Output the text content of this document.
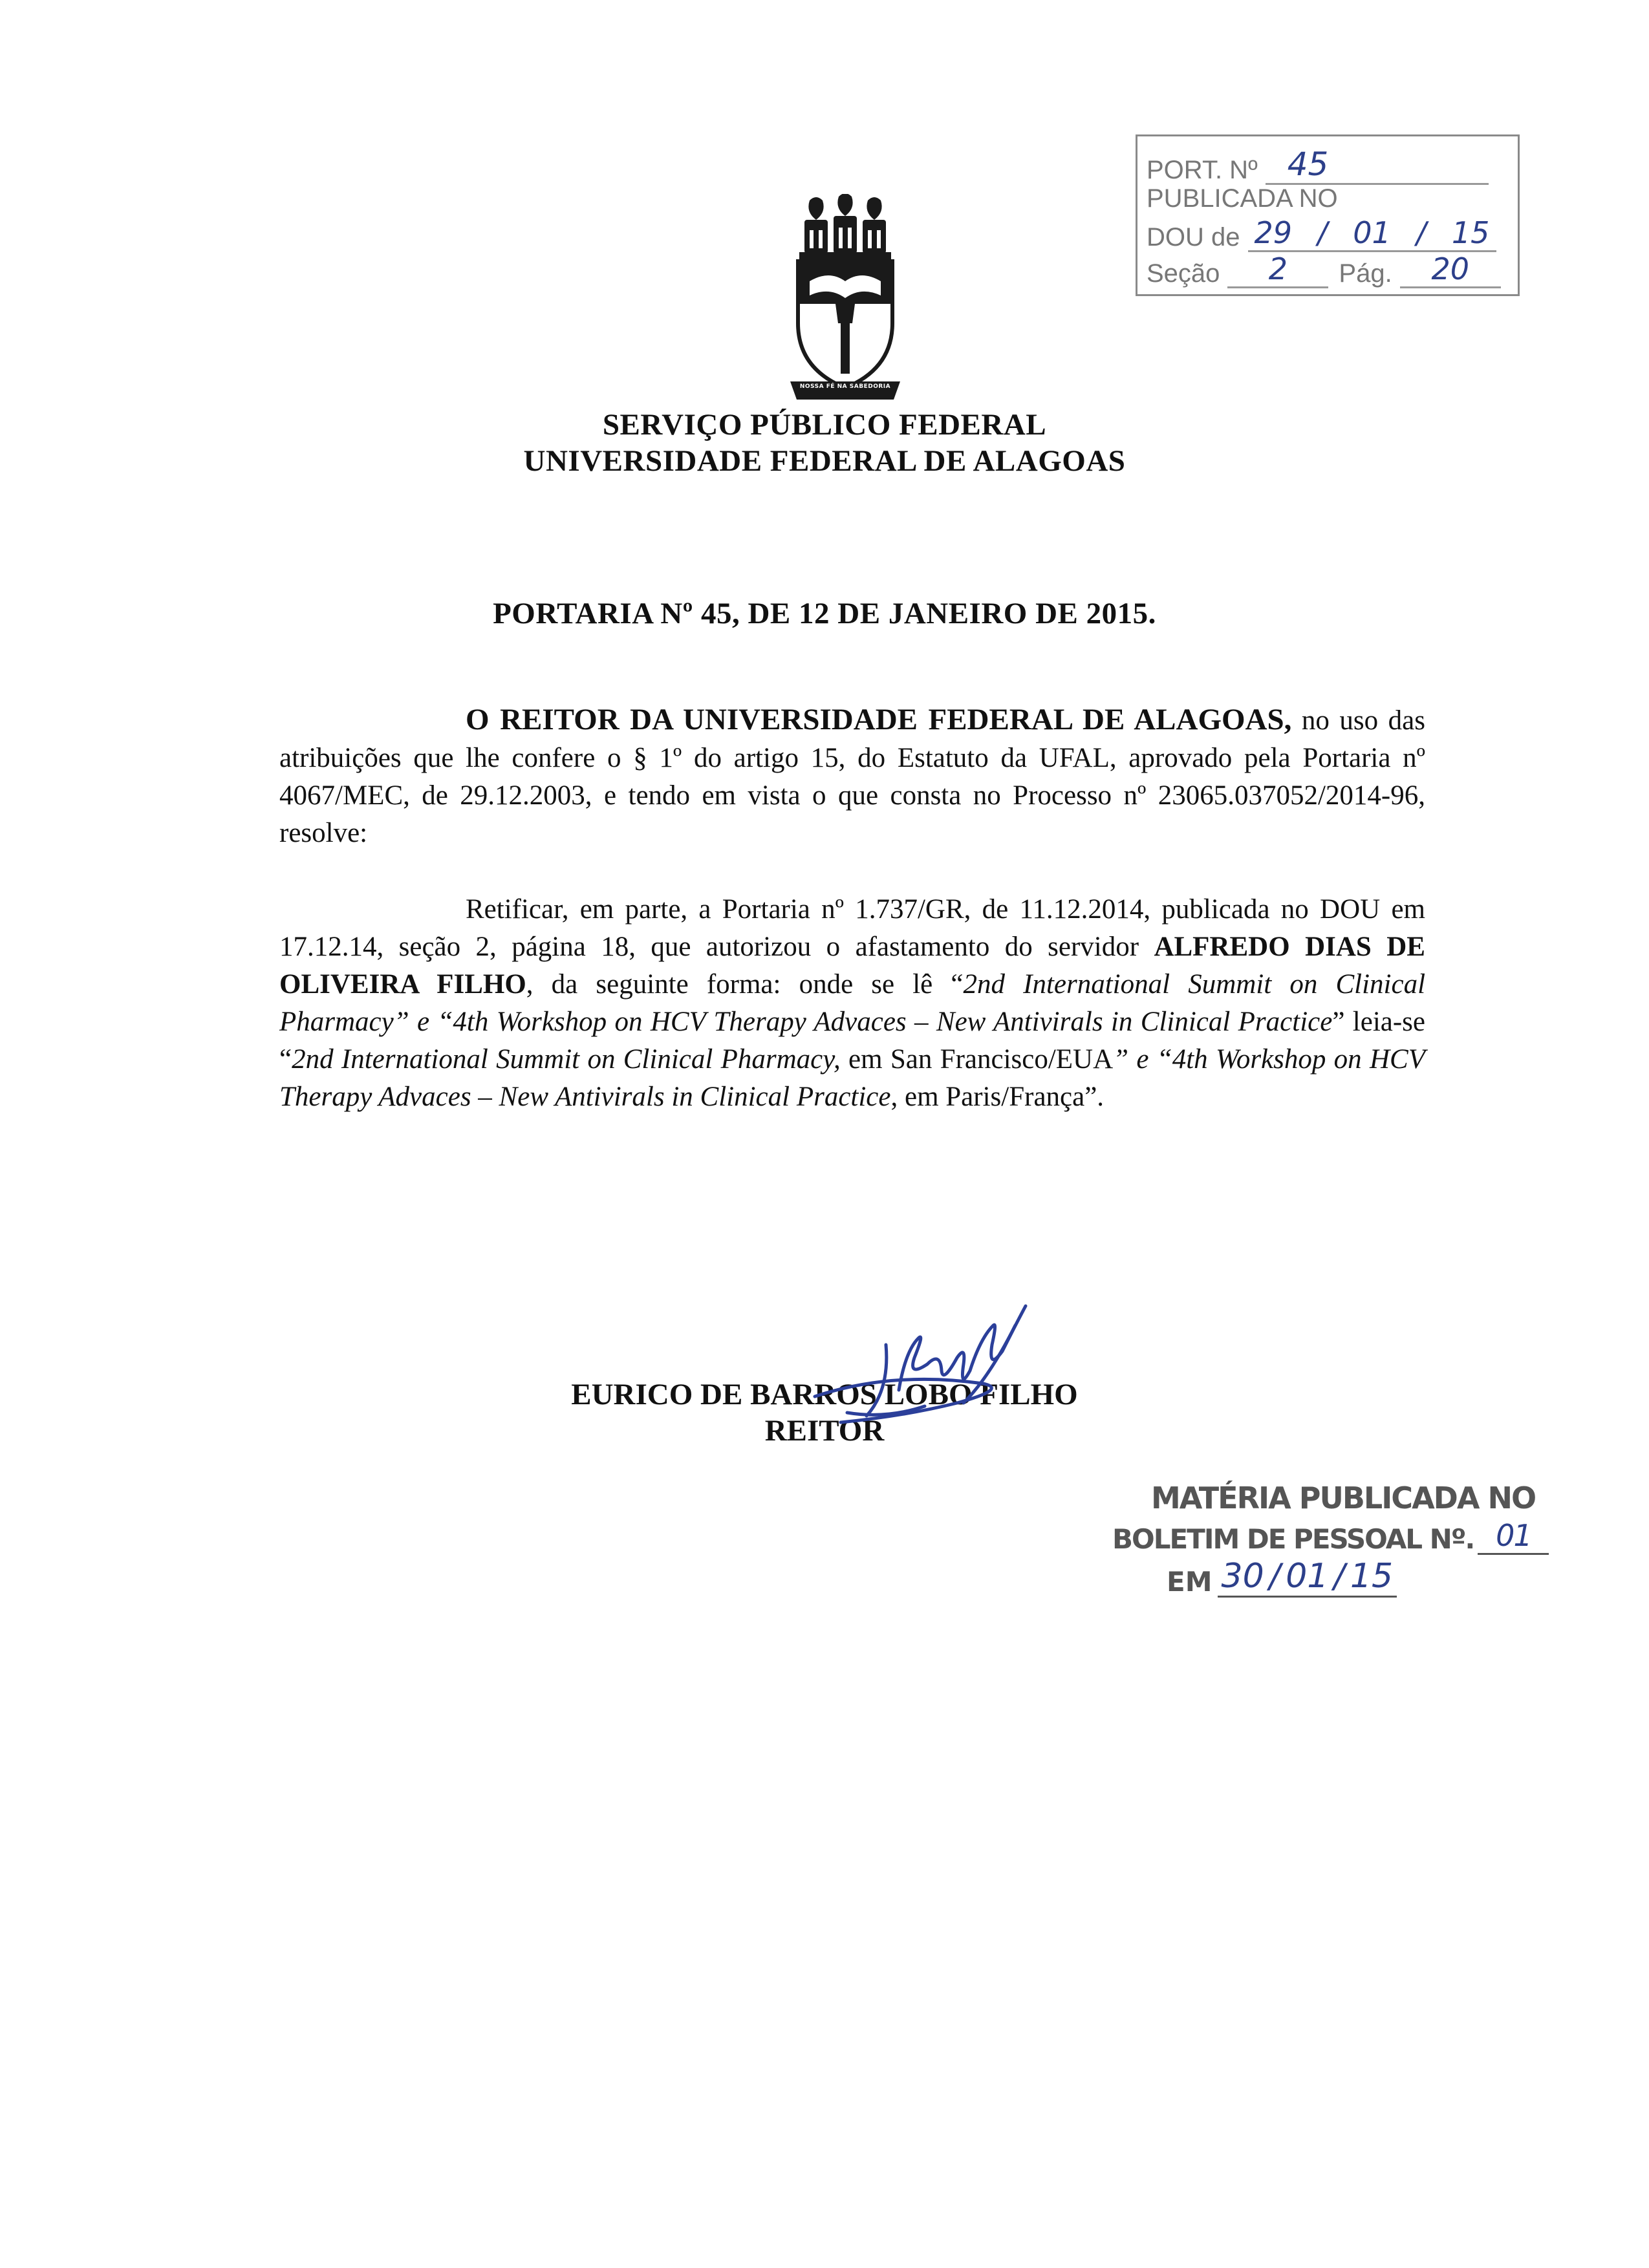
PORT. Nº 45
PUBLICADA NO
DOU de 29 / 01 / 15
Seção	2	Pág.	20
NOSSA FÉ NA SABEDORIA
SERVIÇO PÚBLICO FEDERAL
UNIVERSIDADE FEDERAL DE ALAGOAS
PORTARIA Nº 45, DE 12 DE JANEIRO DE 2015.
O REITOR DA UNIVERSIDADE FEDERAL DE ALAGOAS, no uso das atribuições que lhe confere o § 1º do artigo 15, do Estatuto da UFAL, aprovado pela Portaria nº 4067/MEC, de 29.12.2003, e tendo em vista o que consta no Processo nº 23065.037052/2014-96, resolve:
Retificar, em parte, a Portaria nº 1.737/GR, de 11.12.2014, publicada no DOU em 17.12.14, seção 2, página 18, que autorizou o afastamento do servidor ALFREDO DIAS DE OLIVEIRA FILHO, da seguinte forma: onde se lê “2nd International Summit on Clinical Pharmacy” e “4th Workshop on HCV Therapy Advaces – New Antivirals in Clinical Practice” leia-se “2nd International Summit on Clinical Pharmacy, em San Francisco/EUA” e “4th Workshop on HCV Therapy Advaces – New Antivirals in Clinical Practice, em Paris/França”.
EURICO DE BARROS LOBO FILHO
REITOR
MATÉRIA PUBLICADA NO
BOLETIM DE PESSOAL Nº. 01
EM 30 / 01 / 15
